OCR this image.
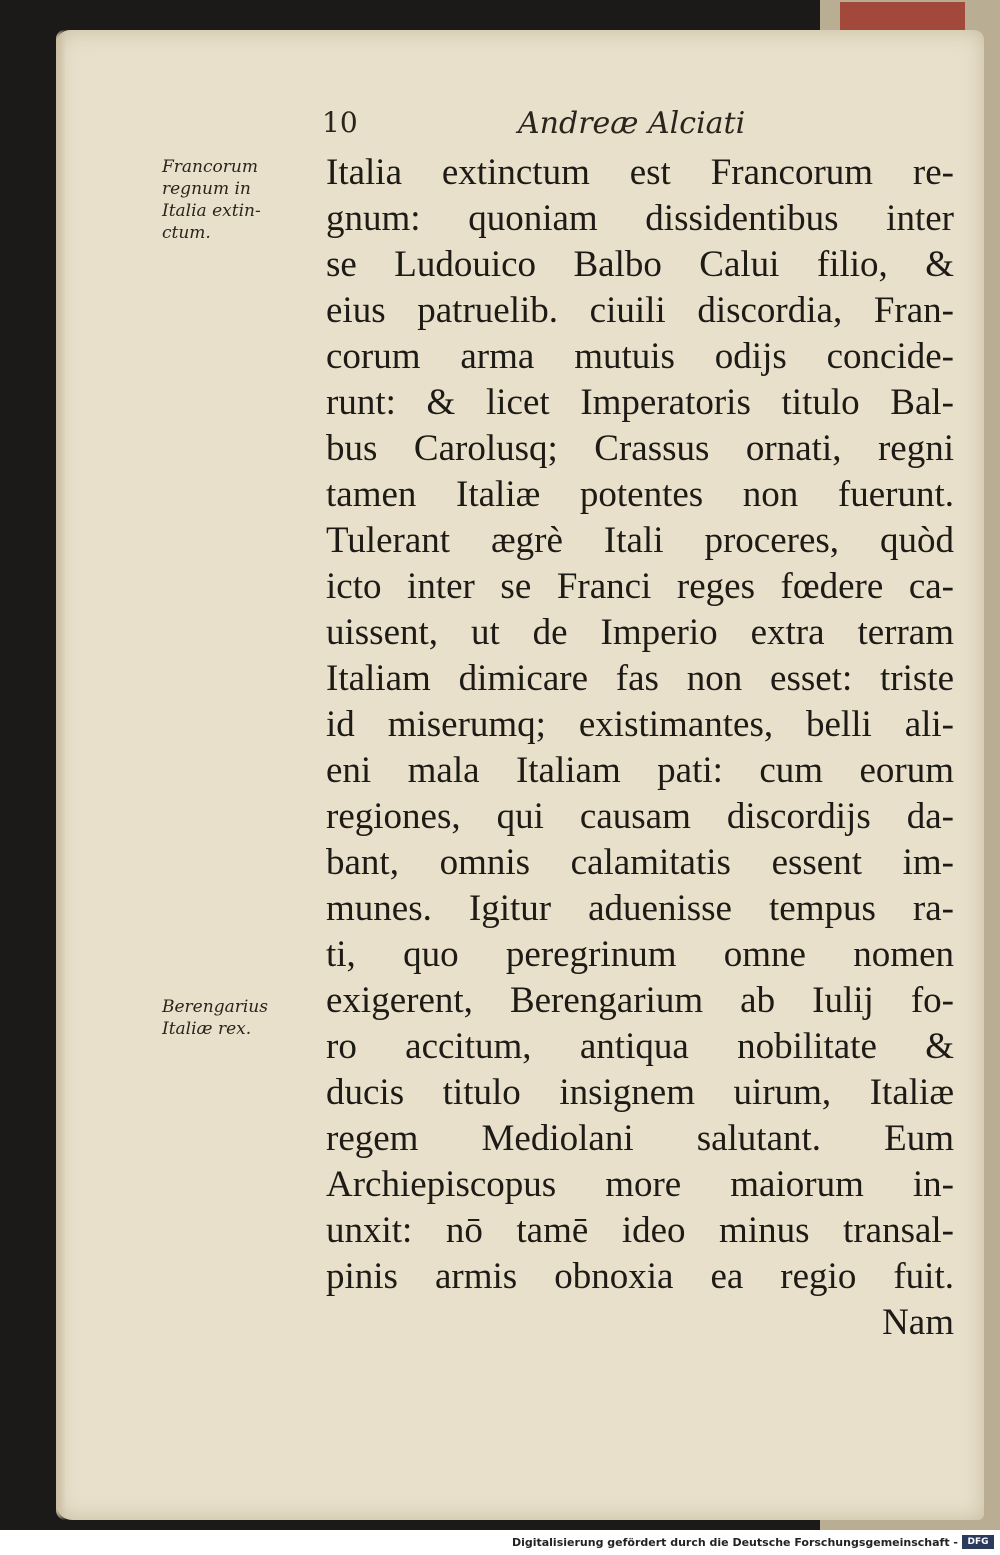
10	Andreæ Alciati
Francorum
regnum in
Italia extin-
ctum.
Berengarius
Italiæ rex.
Italia extinctum est Francorum re-
gnum: quoniam dissidentibus inter
se Ludouico Balbo Calui filio, &
eius patruelib. ciuili discordia, Fran-
corum arma mutuis odijs concide-
runt: & licet Imperatoris titulo Bal-
bus Carolusq; Crassus ornati, regni
tamen Italiæ potentes non fuerunt.
Tulerant ægrè Itali proceres, quòd
icto inter se Franci reges fœdere ca-
uissent, ut de Imperio extra terram
Italiam dimicare fas non esset: triste
id miserumq; existimantes, belli ali-
eni mala Italiam pati: cum eorum
regiones, qui causam discordijs da-
bant, omnis calamitatis essent im-
munes. Igitur aduenisse tempus ra-
ti, quo peregrinum omne nomen
exigerent, Berengarium ab Iulij fo-
ro accitum, antiqua nobilitate &
ducis titulo insignem uirum, Italiæ
regem Mediolani salutant. Eum
Archiepiscopus more maiorum in-
unxit: nō tamē ideo minus transal-
pinis armis obnoxia ea regio fuit.
Nam
Digitalisierung gefördert durch die Deutsche Forschungsgemeinschaft -	DFG
